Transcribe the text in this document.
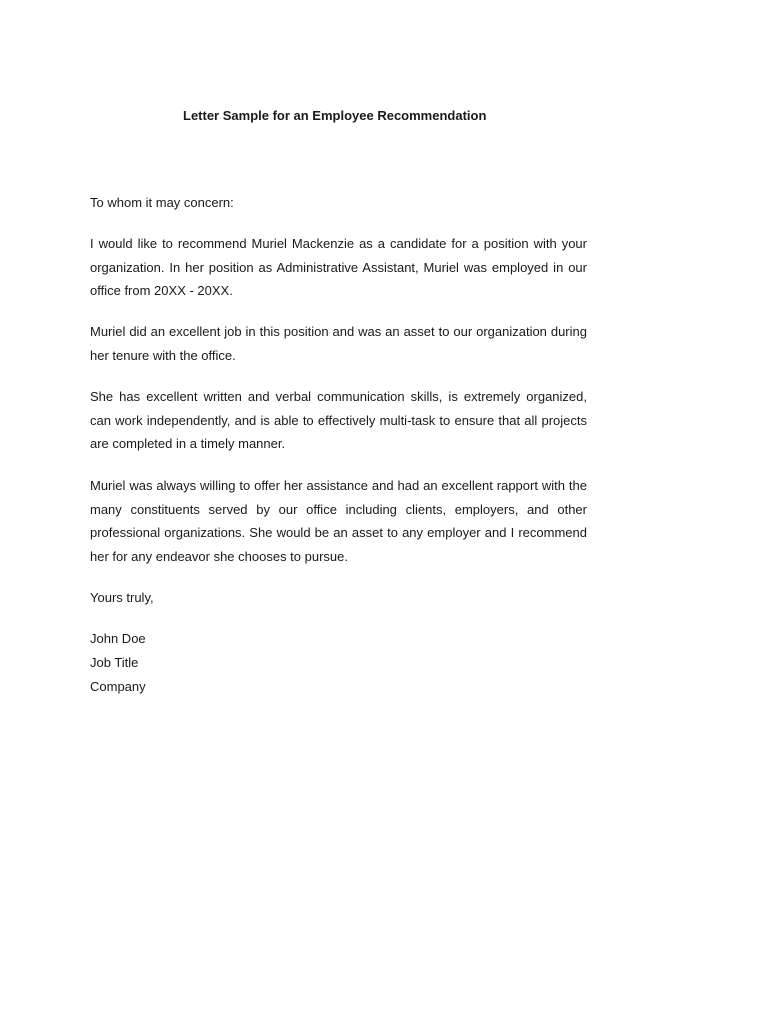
Letter Sample for an Employee Recommendation
To whom it may concern:
I would like to recommend Muriel Mackenzie as a candidate for a position with your organization. In her position as Administrative Assistant, Muriel was employed in our office from 20XX - 20XX.
Muriel did an excellent job in this position and was an asset to our organization during her tenure with the office.
She has excellent written and verbal communication skills, is extremely organized, can work independently, and is able to effectively multi-task to ensure that all projects are completed in a timely manner.
Muriel was always willing to offer her assistance and had an excellent rapport with the many constituents served by our office including clients, employers, and other professional organizations. She would be an asset to any employer and I recommend her for any endeavor she chooses to pursue.
Yours truly,
John Doe
Job Title
Company
